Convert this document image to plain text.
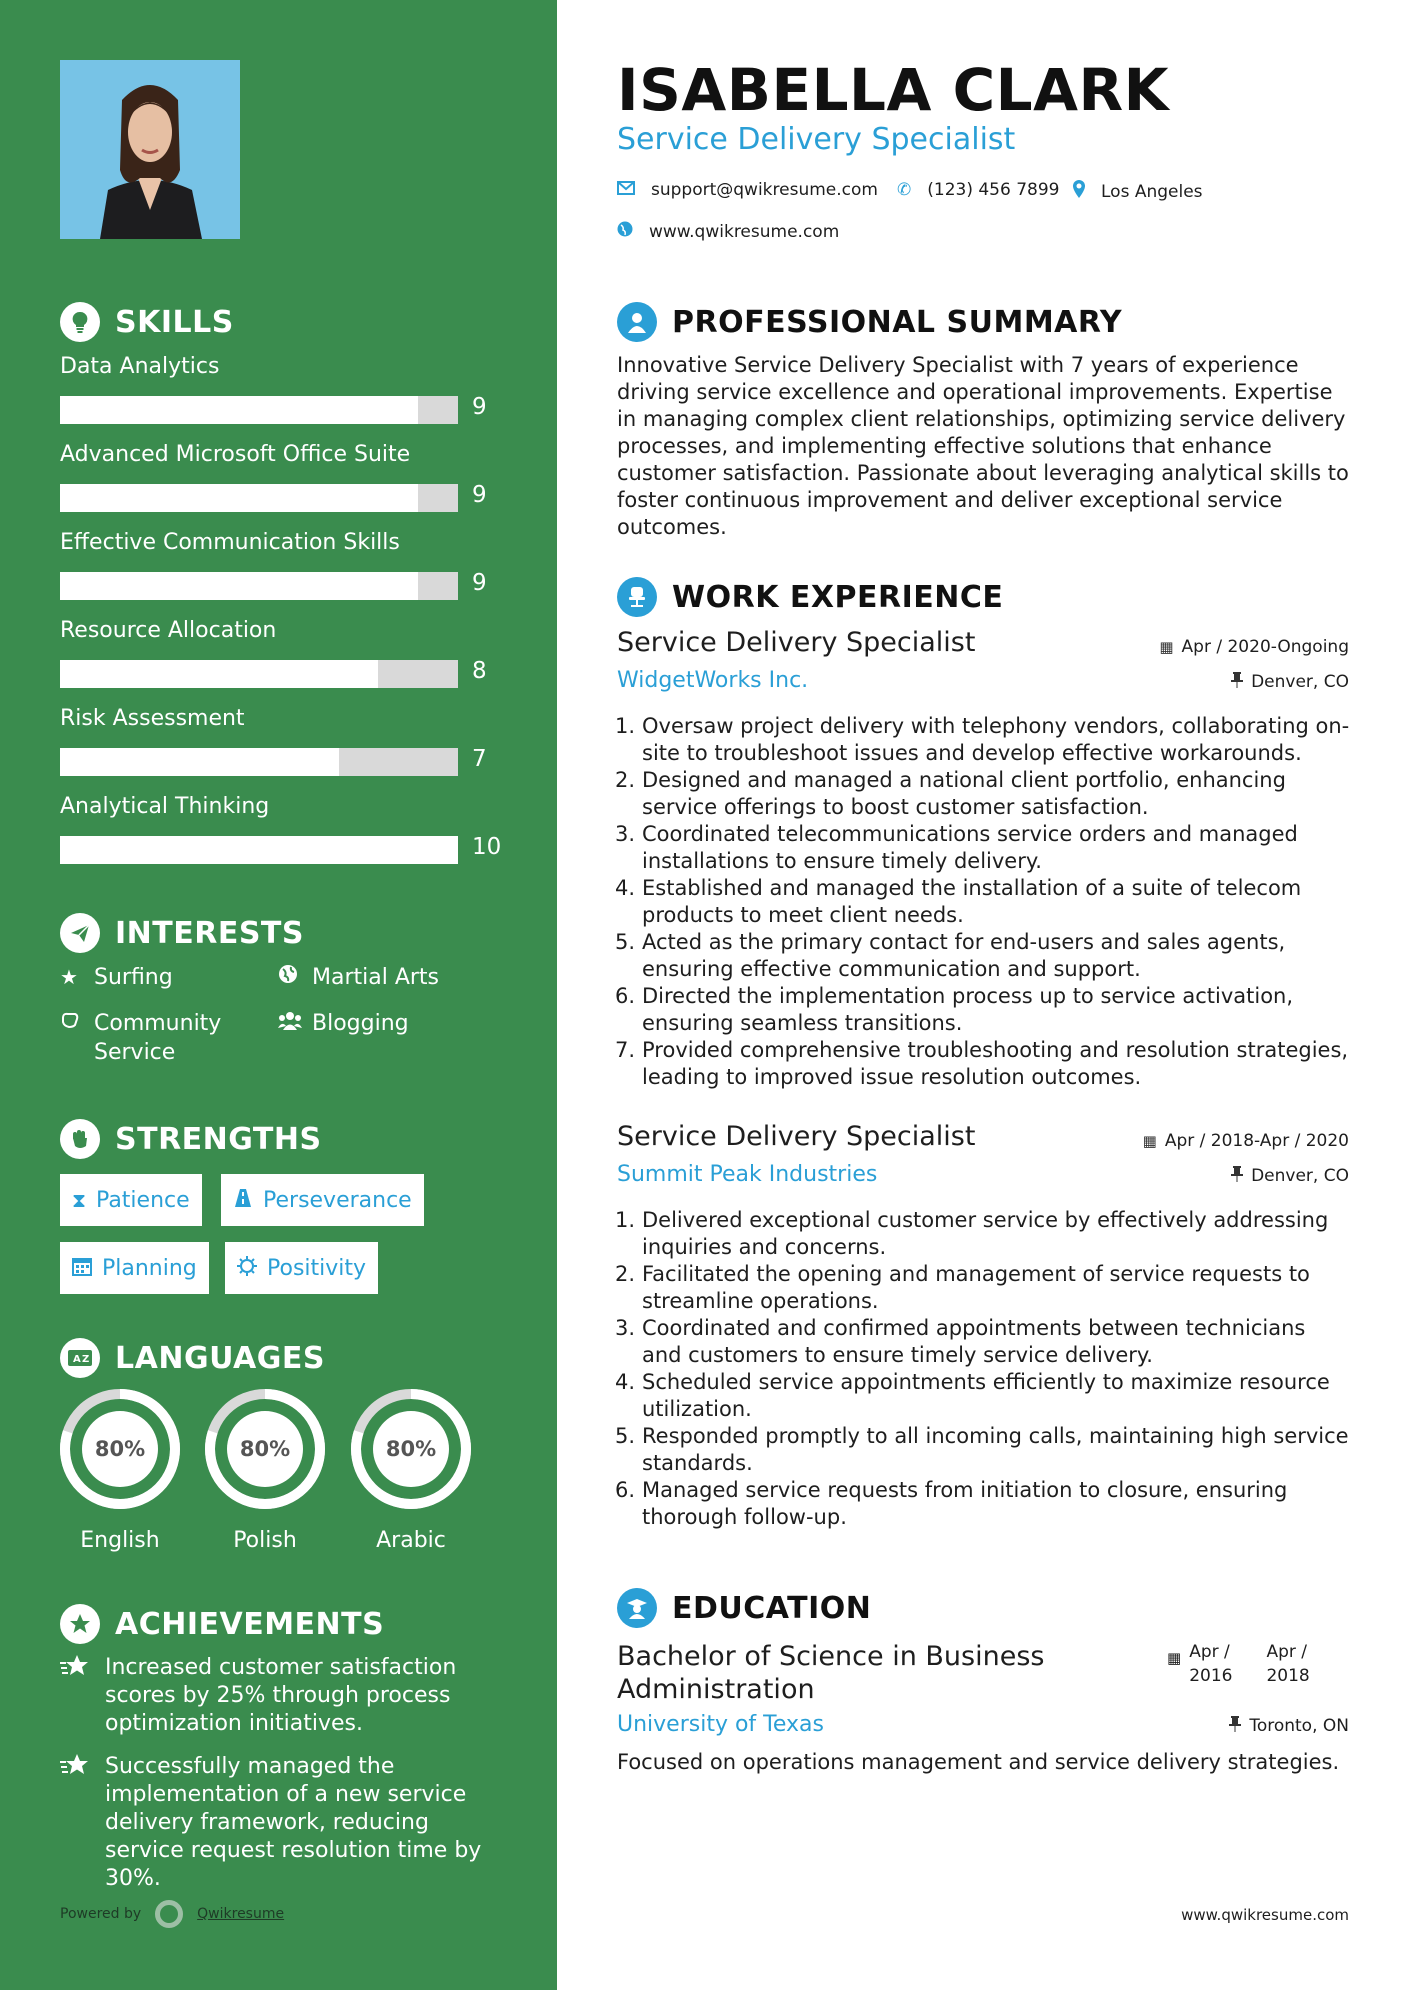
SKILLS
Data Analytics
9
Advanced Microsoft Office Suite
9
Effective Communication Skills
9
Resource Allocation
8
Risk Assessment
7
Analytical Thinking
10
INTERESTS
★ Surfing	Martial Arts
Community Service
Blogging
STRENGTHS
⧗ Patience	Perseverance
Planning	Positivity
A Z LANGUAGES
80%
English
80%
Polish
80%
Arabic
ACHIEVEMENTS
Increased customer satisfaction scores by 25% through process optimization initiatives.
Successfully managed the implementation of a new service delivery framework, reducing service request resolution time by 30%.
Powered by	Qwikresume
ISABELLA CLARK
Service Delivery Specialist
support@qwikresume.com ✆ (123) 456 7899 Los Angeles
www.qwikresume.com
PROFESSIONAL SUMMARY
Innovative Service Delivery Specialist with 7 years of experience driving service excellence and operational improvements. Expertise in managing complex client relationships, optimizing service delivery processes, and implementing effective solutions that enhance customer satisfaction. Passionate about leveraging analytical skills to foster continuous improvement and deliver exceptional service outcomes.
WORK EXPERIENCE
Service Delivery Specialist	▦ Apr / 2020-Ongoing
WidgetWorks Inc.	Denver, CO
1. Oversaw project delivery with telephony vendors, collaborating on-site to troubleshoot issues and develop effective workarounds.
2. Designed and managed a national client portfolio, enhancing service offerings to boost customer satisfaction.
3. Coordinated telecommunications service orders and managed installations to ensure timely delivery.
4. Established and managed the installation of a suite of telecom products to meet client needs.
5. Acted as the primary contact for end-users and sales agents, ensuring effective communication and support.
6. Directed the implementation process up to service activation, ensuring seamless transitions.
7. Provided comprehensive troubleshooting and resolution strategies, leading to improved issue resolution outcomes.
Service Delivery Specialist	▦ Apr / 2018-Apr / 2020
Summit Peak Industries	Denver, CO
1. Delivered exceptional customer service by effectively addressing inquiries and concerns.
2. Facilitated the opening and management of service requests to streamline operations.
3. Coordinated and confirmed appointments between technicians and customers to ensure timely service delivery.
4. Scheduled service appointments efficiently to maximize resource utilization.
5. Responded promptly to all incoming calls, maintaining high service standards.
6. Managed service requests from initiation to closure, ensuring thorough follow-up.
EDUCATION
Bachelor of Science in Business Administration
▦ Apr /
2016
Apr /
2018
University of Texas	Toronto, ON
Focused on operations management and service delivery strategies.
www.qwikresume.com
